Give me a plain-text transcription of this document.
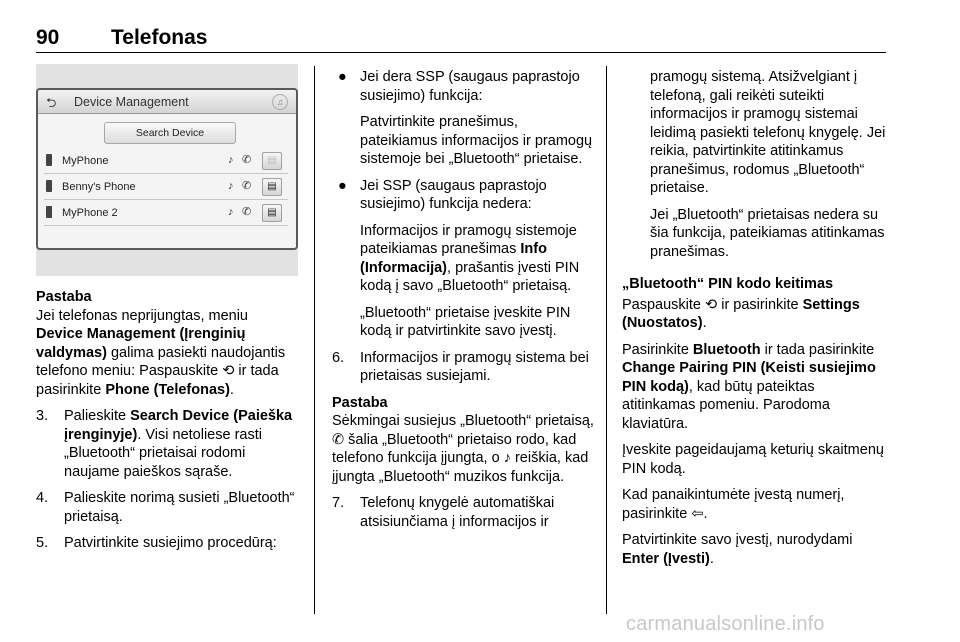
90 Telefonas
⮌ Device Management	♫
Search Device
MyPhone	♪ ✆	▤
Benny's Phone	♪ ✆	▤
MyPhone 2	♪ ✆	▤

Pastaba
Jei telefonas neprijungtas, meniu
Device Management (Įrenginių valdymas) galima pasiekti naudojantis telefono meniu: Paspauskite ⟲ ir tada pasirinkite Phone (Telefonas).

3. Palieskite Search Device (Paieška įrenginyje). Visi netoliese rasti „Bluetooth“ prietaisai rodomi naujame paieškos sąraše.
4. Palieskite norimą susieti „Bluetooth“ prietaisą.
5. Patvirtinkite susiejimo procedūrą:
● Jei dera SSP (saugaus paprastojo susiejimo) funkcija:
Patvirtinkite pranešimus, pateikiamus informacijos ir pramogų sistemoje bei „Bluetooth“ prietaise.
● Jei SSP (saugaus paprastojo susiejimo) funkcija nedera:
Informacijos ir pramogų sistemoje pateikiamas pranešimas Info (Informacija), prašantis įvesti PIN kodą į savo „Bluetooth“ prietaisą.
„Bluetooth“ prietaise įveskite PIN kodą ir patvirtinkite savo įvestį.
6. Informacijos ir pramogų sistema bei prietaisas susiejami.

Pastaba
Sėkmingai susiejus „Bluetooth“ prietaisą, ✆ šalia „Bluetooth“ prietaiso rodo, kad telefono funkcija įjungta, o ♪ reiškia, kad įjungta „Bluetooth“ muzikos funkcija.

7. Telefonų knygelė automatiškai atsisiunčiama į informacijos ir
pramogų sistemą. Atsižvelgiant į telefoną, gali reikėti suteikti informacijos ir pramogų sistemai leidimą pasiekti telefonų knygelę. Jei reikia, patvirtinkite atitinkamus pranešimus, rodomus „Bluetooth“ prietaise.
Jei „Bluetooth“ prietaisas nedera su šia funkcija, pateikiamas atitinkamas pranešimas.

„Bluetooth“ PIN kodo keitimas

Paspauskite ⟲ ir pasirinkite Settings (Nuostatos).

Pasirinkite Bluetooth ir tada pasirinkite Change Pairing PIN (Keisti susiejimo PIN kodą), kad būtų pateiktas atitinkamas pomeniu. Parodoma klaviatūra.

Įveskite pageidaujamą keturių skaitmenų PIN kodą.

Kad panaikintumėte įvestą numerį, pasirinkite ⇦.

Patvirtinkite savo įvestį, nurodydami Enter (Įvesti).

carmanualsonline.info
